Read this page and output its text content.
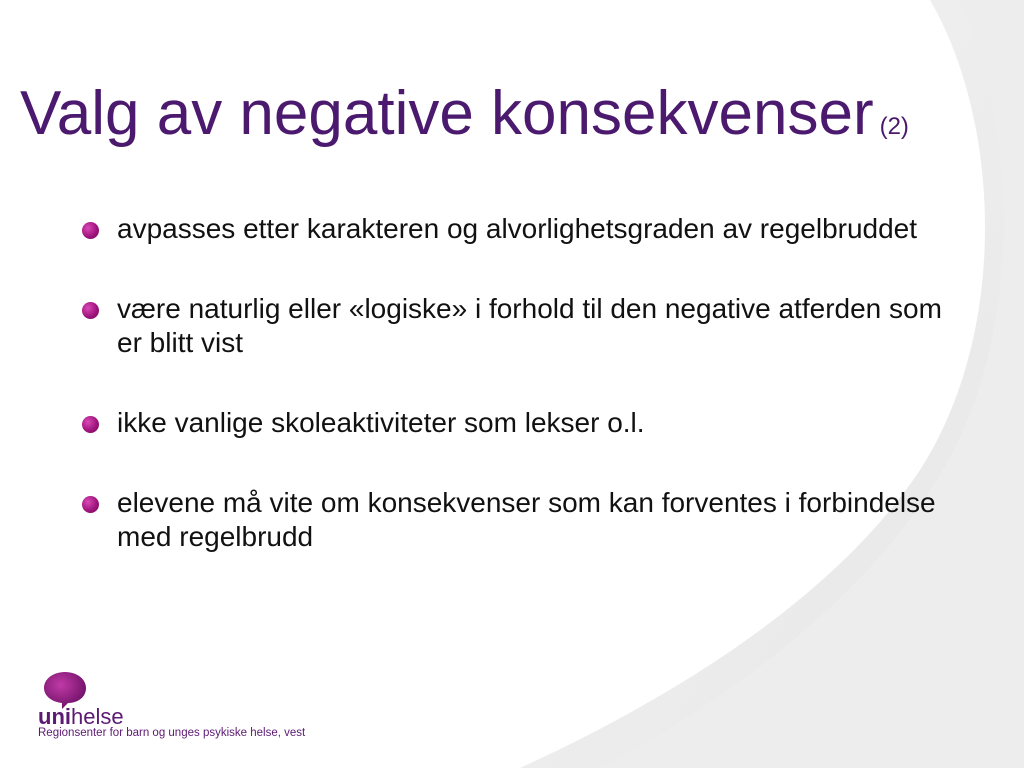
Valg av negative konsekvenser (2)
avpasses etter karakteren og alvorlighetsgraden av regelbruddet
være naturlig eller «logiske» i forhold til den negative atferden som er blitt vist
ikke vanlige skoleaktiviteter som lekser o.l.
elevene må vite om konsekvenser som kan forventes i forbindelse med regelbrudd
unihelse
Regionsenter for barn og unges psykiske helse, vest
